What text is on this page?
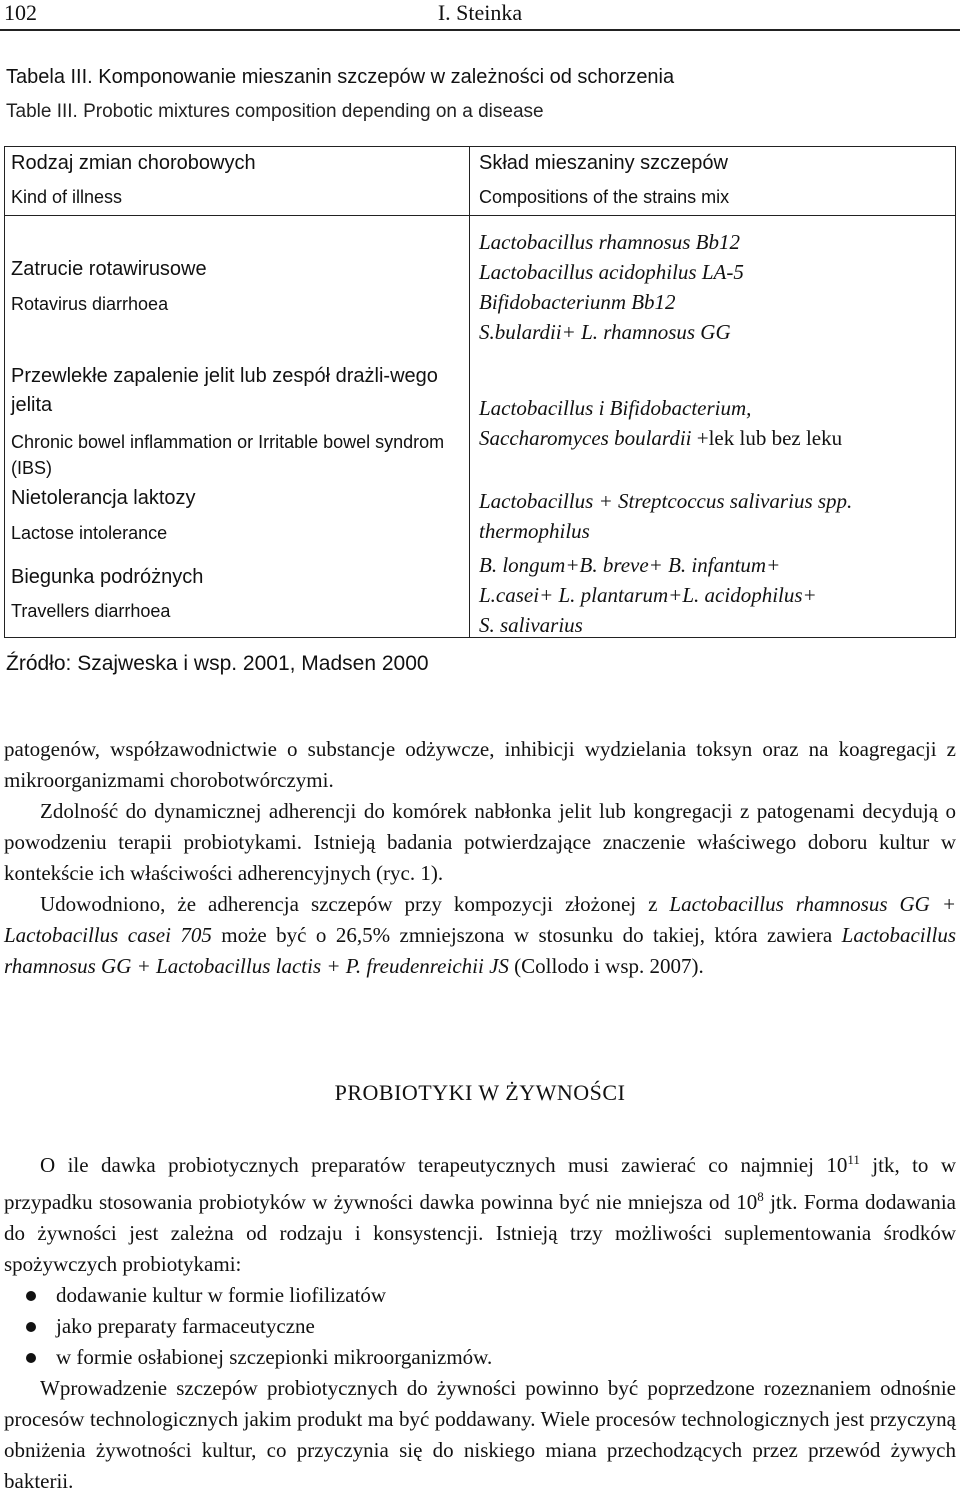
102	I. Steinka
Tabela III. Komponowanie mieszanin szczepów w zależności od schorzenia
Table III. Probotic mixtures composition depending on a disease
Rodzaj zmian chorobowych
Kind of illness
Skład mieszaniny szczepów
Compositions of the strains mix
Zatrucie rotawirusowe
Rotavirus diarrhoea
Lactobacillus rhamnosus Bb12
Lactobacillus acidophilus LA-5
Bifidobacteriunm Bb12
S.bulardii+ L. rhamnosus GG
Przewlekłe zapalenie jelit lub zespół drażli-wego jelita
Chronic bowel inflammation or Irritable bowel syndrom (IBS)
Lactobacillus i Bifidobacterium,
Saccharomyces boulardii +lek lub bez leku
Nietolerancja laktozy
Lactose intolerance
Lactobacillus + Streptcoccus salivarius spp.
thermophilus
Biegunka podróżnych
Travellers diarrhoea
B. longum+B. breve+ B. infantum+
L.casei+ L. plantarum+L. acidophilus+
S. salivarius
Źródło: Szajweska i wsp. 2001, Madsen 2000

patogenów, współzawodnictwie o substancje odżywcze, inhibicji wydzielania toksyn oraz na koagregacji z mikroorganizmami chorobotwórczymi.

Zdolność do dynamicznej adherencji do komórek nabłonka jelit lub kongregacji z patogenami decydują o powodzeniu terapii probiotykami. Istnieją badania potwierdzające znaczenie właściwego doboru kultur w kontekście ich właściwości adherencyjnych (ryc. 1).

Udowodniono, że adherencja szczepów przy kompozycji złożonej z Lactobacillus rhamnosus GG + Lactobacillus casei 705 może być o 26,5% zmniejszona w stosunku do takiej, która zawiera Lactobacillus rhamnosus GG + Lactobacillus lactis + P. freudenreichii JS (Collodo i wsp. 2007).

PROBIOTYKI W ŻYWNOŚCI

O ile dawka probiotycznych preparatów terapeutycznych musi zawierać co najmniej $10^{11}$ jtk, to w przypadku stosowania probiotyków w żywności dawka powinna być nie mniejsza od $10^8$ jtk. Forma dodawania do żywności jest zależna od rodzaju i konsystencji. Istnieją trzy możliwości suplementowania środków spożywczych probiotykami:

dodawanie kultur w formie liofilizatów
jako preparaty farmaceutyczne
w formie osłabionej szczepionki mikroorganizmów.

Wprowadzenie szczepów probiotycznych do żywności powinno być poprzedzone rozeznaniem odnośnie procesów technologicznych jakim produkt ma być poddawany. Wiele procesów technologicznych jest przyczyną obniżenia żywotności kultur, co przyczynia się do niskiego miana przechodzących przez przewód żywych bakterii.
